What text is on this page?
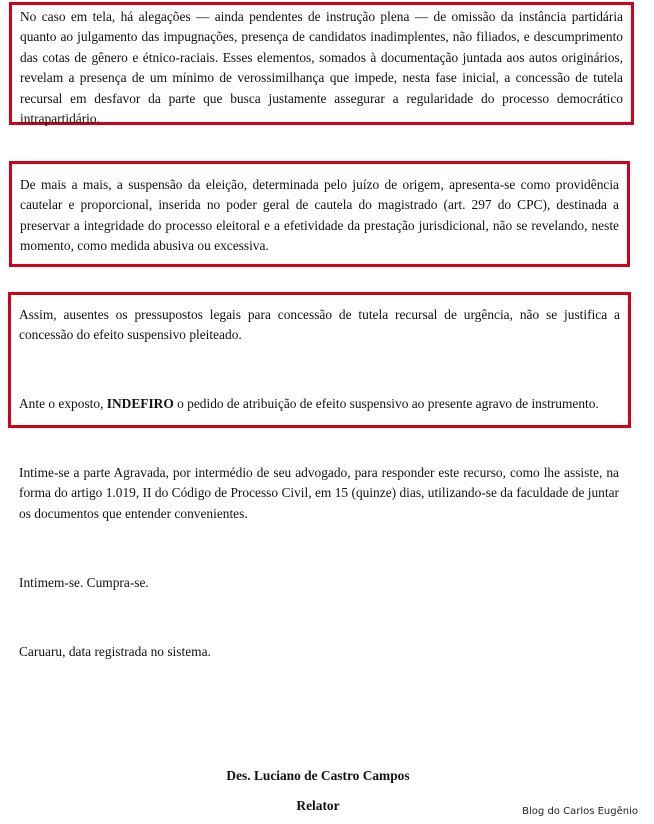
No caso em tela, há alegações — ainda pendentes de instrução plena — de omissão da instância partidária quanto ao julgamento das impugnações, presença de candidatos inadimplentes, não filiados, e descumprimento das cotas de gênero e étnico-raciais. Esses elementos, somados à documentação juntada aos autos originários, revelam a presença de um mínimo de verossimilhança que impede, nesta fase inicial, a concessão de tutela recursal em desfavor da parte que busca justamente assegurar a regularidade do processo democrático intrapartidário.

De mais a mais, a suspensão da eleição, determinada pelo juízo de origem, apresenta-se como providência cautelar e proporcional, inserida no poder geral de cautela do magistrado (art. 297 do CPC), destinada a preservar a integridade do processo eleitoral e a efetividade da prestação jurisdicional, não se revelando, neste momento, como medida abusiva ou excessiva.

Assim, ausentes os pressupostos legais para concessão de tutela recursal de urgência, não se justifica a concessão do efeito suspensivo pleiteado.

Ante o exposto, INDEFIRO o pedido de atribuição de efeito suspensivo ao presente agravo de instrumento.

Intime-se a parte Agravada, por intermédio de seu advogado, para responder este recurso, como lhe assiste, na forma do artigo 1.019, II do Código de Processo Civil, em 15 (quinze) dias, utilizando-se da faculdade de juntar os documentos que entender convenientes.

Intimem-se. Cumpra-se.

Caruaru, data registrada no sistema.

Des. Luciano de Castro Campos

Relator	Blog do Carlos Eugênio
